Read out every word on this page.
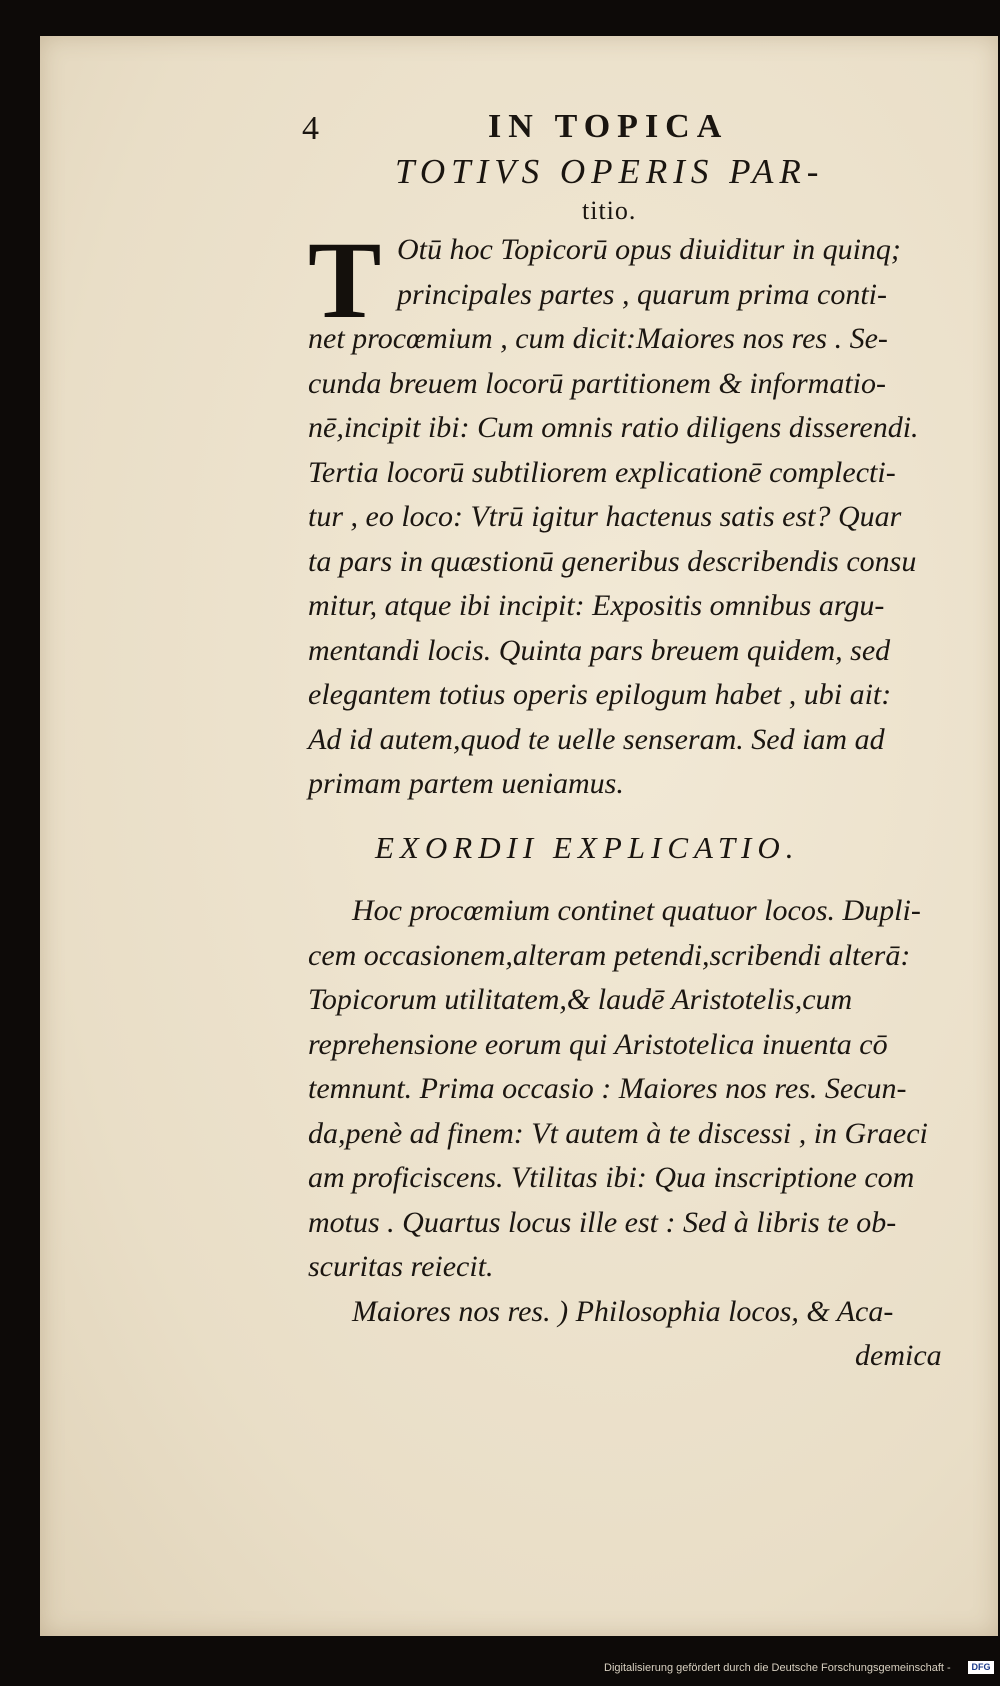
4	IN TOPICA
TOTIVS OPERIS PAR-
titio.
T Otū hoc Topicorū opus diuiditur in quinq;
principales partes , quarum prima conti-
net procœmium , cum dicit:Maiores nos res . Se-
cunda breuem locorū partitionem & informatio-
nē,incipit ibi: Cum omnis ratio diligens disserendi.
Tertia locorū subtiliorem explicationē complecti-
tur , eo loco: Vtrū igitur hactenus satis est? Quar
ta pars in quæstionū generibus describendis consu
mitur, atque ibi incipit: Expositis omnibus argu-
mentandi locis. Quinta pars breuem quidem, sed
elegantem totius operis epilogum habet , ubi ait:
Ad id autem,quod te uelle senseram. Sed iam ad
primam partem ueniamus.
EXORDII EXPLICATIO.
Hoc procœmium continet quatuor locos. Dupli-
cem occasionem,alteram petendi,scribendi alterā:
Topicorum utilitatem,& laudē Aristotelis,cum
reprehensione eorum qui Aristotelica inuenta cō
temnunt. Prima occasio : Maiores nos res. Secun-
da,penè ad finem: Vt autem à te discessi , in Graeci
am proficiscens. Vtilitas ibi: Qua inscriptione com
motus . Quartus locus ille est : Sed à libris te ob-
scuritas reiecit.
Maiores nos res. ) Philosophia locos, & Aca-
demica
Digitalisierung gefördert durch die Deutsche Forschungsgemeinschaft -	DFG
